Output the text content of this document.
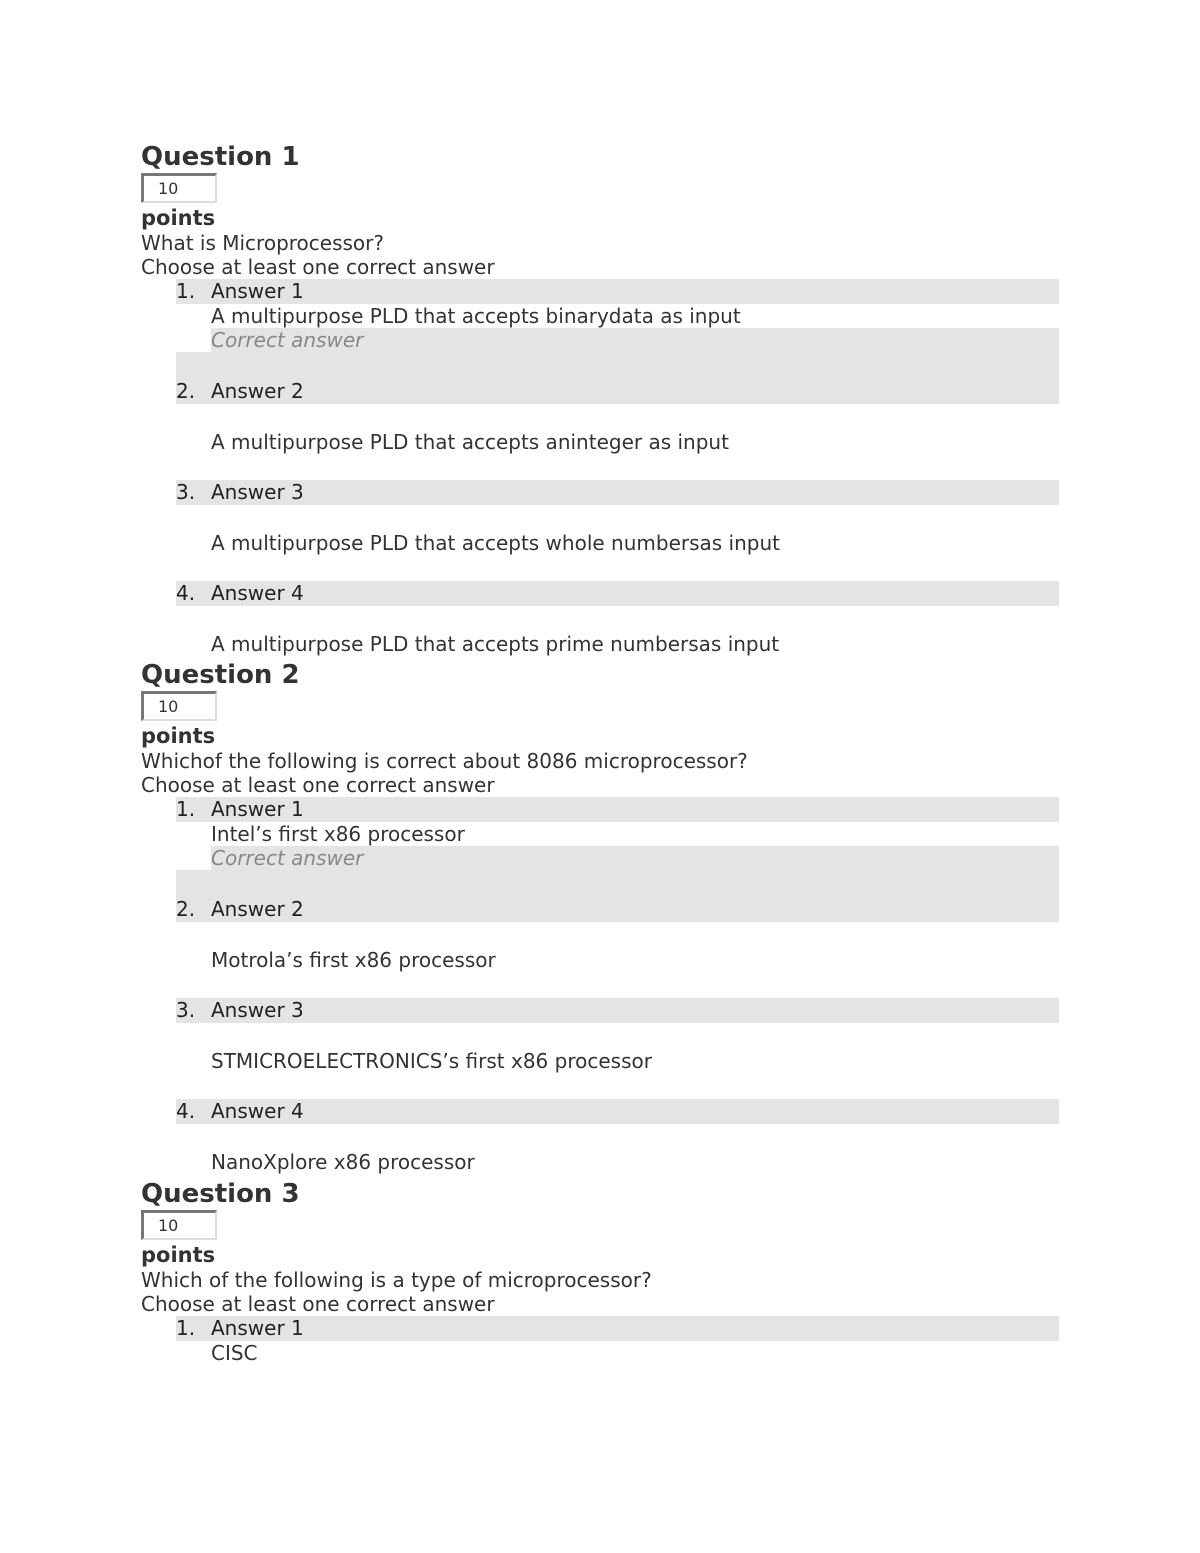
Question 1
10
points
What is Microprocessor?
Choose at least one correct answer
1. Answer 1
A multipurpose PLD that accepts binarydata as input
Correct answer
2. Answer 2
A multipurpose PLD that accepts aninteger as input
3. Answer 3
A multipurpose PLD that accepts whole numbersas input
4. Answer 4
A multipurpose PLD that accepts prime numbersas input
Question 2
10
points
Whichof the following is correct about 8086 microprocessor?
Choose at least one correct answer
1. Answer 1
Intel’s first x86 processor
Correct answer
2. Answer 2
Motrola’s first x86 processor
3. Answer 3
STMICROELECTRONICS’s first x86 processor
4. Answer 4
NanoXplore x86 processor
Question 3
10
points
Which of the following is a type of microprocessor?
Choose at least one correct answer
1. Answer 1
CISC
